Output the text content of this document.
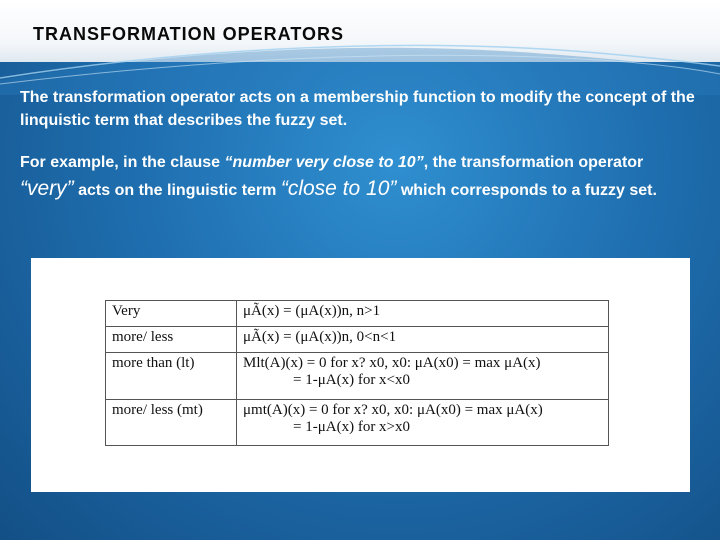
TRANSFORMATION OPERATORS
The transformation operator acts on a membership function to modify the concept of the linquistic term that describes the fuzzy set.
For example, in the clause “number very close to 10”, the transformation operator “very” acts on the linguistic term “close to 10” which corresponds to a fuzzy set.
Very	μÃ(x) = (μA(x))n, n>1
more/ less	μÃ(x) = (μA(x))n, 0<n<1
more than (lt)	Mlt(A)(x) = 0 for x? x0, x0: μA(x0) = max μA(x)
= 1-μA(x) for x<x0

more/ less (mt)	μmt(A)(x) = 0 for x? x0, x0: μA(x0) = max μA(x)
= 1-μA(x) for x>x0
